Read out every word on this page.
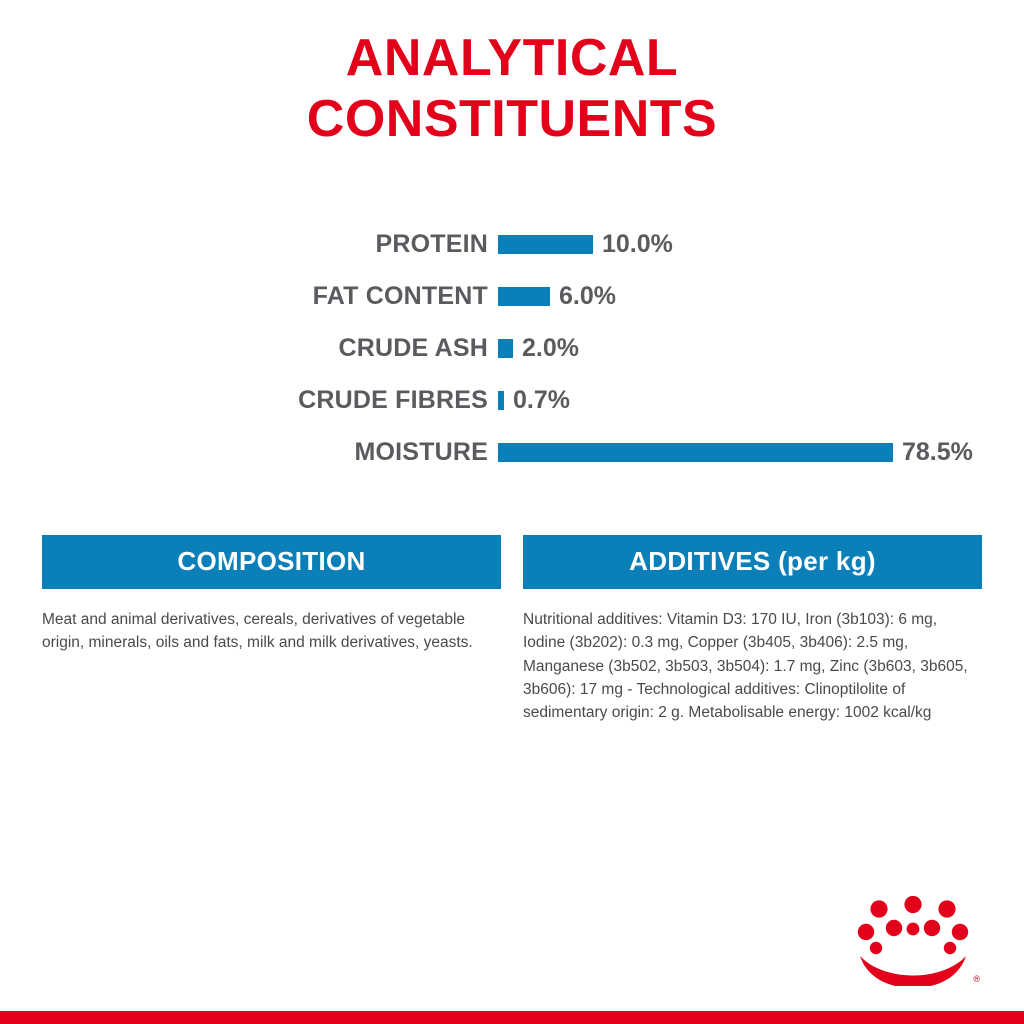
ANALYTICAL
CONSTITUENTS
PROTEIN	10.0%
FAT CONTENT	6.0%
CRUDE ASH	2.0%
CRUDE FIBRES	0.7%
MOISTURE	78.5%
COMPOSITION
Meat and animal derivatives, cereals, derivatives of vegetable origin, minerals, oils and fats, milk and milk derivatives, yeasts.
ADDITIVES (per kg)
Nutritional additives: Vitamin D3: 170 IU, Iron (3b103): 6 mg, Iodine (3b202): 0.3 mg, Copper (3b405, 3b406): 2.5 mg, Manganese (3b502, 3b503, 3b504): 1.7 mg, Zinc (3b603, 3b605, 3b606): 17 mg - Technological additives: Clinoptilolite of sedimentary origin: 2 g. Metabolisable energy: 1002 kcal/kg
®
